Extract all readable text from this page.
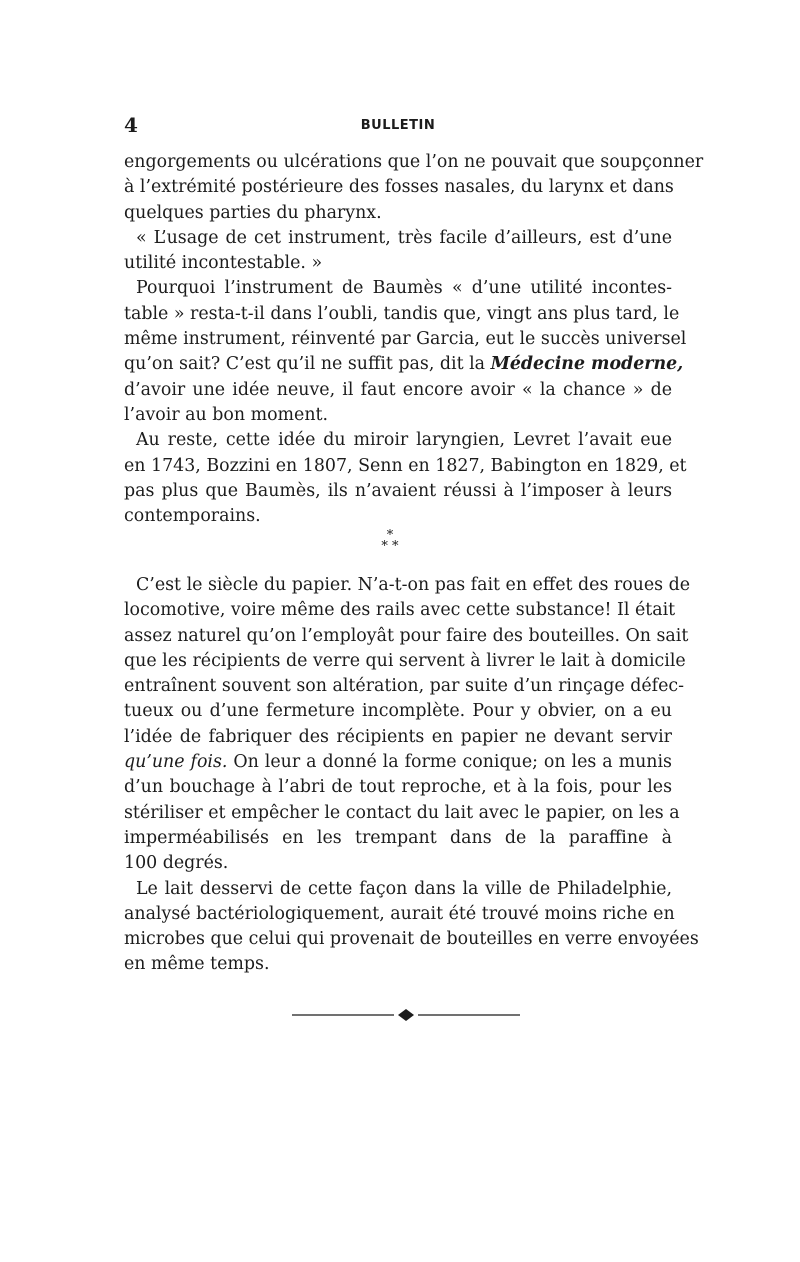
4	BULLETIN
engorgements ou ulcérations que l’on ne pouvait que soupçonner
à l’extrémité postérieure des fosses nasales, du larynx et dans
quelques parties du pharynx.
« L’usage de cet instrument, très facile d’ailleurs, est d’une
utilité incontestable. »
Pourquoi l’instrument de Baumès « d’une utilité incontes-
table » resta-t-il dans l’oubli, tandis que, vingt ans plus tard, le
même instrument, réinventé par Garcia, eut le succès universel
qu’on sait? C’est qu’il ne suffit pas, dit la Médecine moderne,
d’avoir une idée neuve, il faut encore avoir « la chance » de
l’avoir au bon moment.
Au reste, cette idée du miroir laryngien, Levret l’avait eue
en 1743, Bozzini en 1807, Senn en 1827, Babington en 1829, et
pas plus que Baumès, ils n’avaient réussi à l’imposer à leurs
contemporains.
*
* *
C’est le siècle du papier. N’a-t-on pas fait en effet des roues de
locomotive, voire même des rails avec cette substance! Il était
assez naturel qu’on l’employât pour faire des bouteilles. On sait
que les récipients de verre qui servent à livrer le lait à domicile
entraînent souvent son altération, par suite d’un rinçage défec-
tueux ou d’une fermeture incomplète. Pour y obvier, on a eu
l’idée de fabriquer des récipients en papier ne devant servir
qu’une fois. On leur a donné la forme conique; on les a munis
d’un bouchage à l’abri de tout reproche, et à la fois, pour les
stériliser et empêcher le contact du lait avec le papier, on les a
imperméabilisés en les trempant dans de la paraffine à
100 degrés.
Le lait desservi de cette façon dans la ville de Philadelphie,
analysé bactériologiquement, aurait été trouvé moins riche en
microbes que celui qui provenait de bouteilles en verre envoyées
en même temps.
